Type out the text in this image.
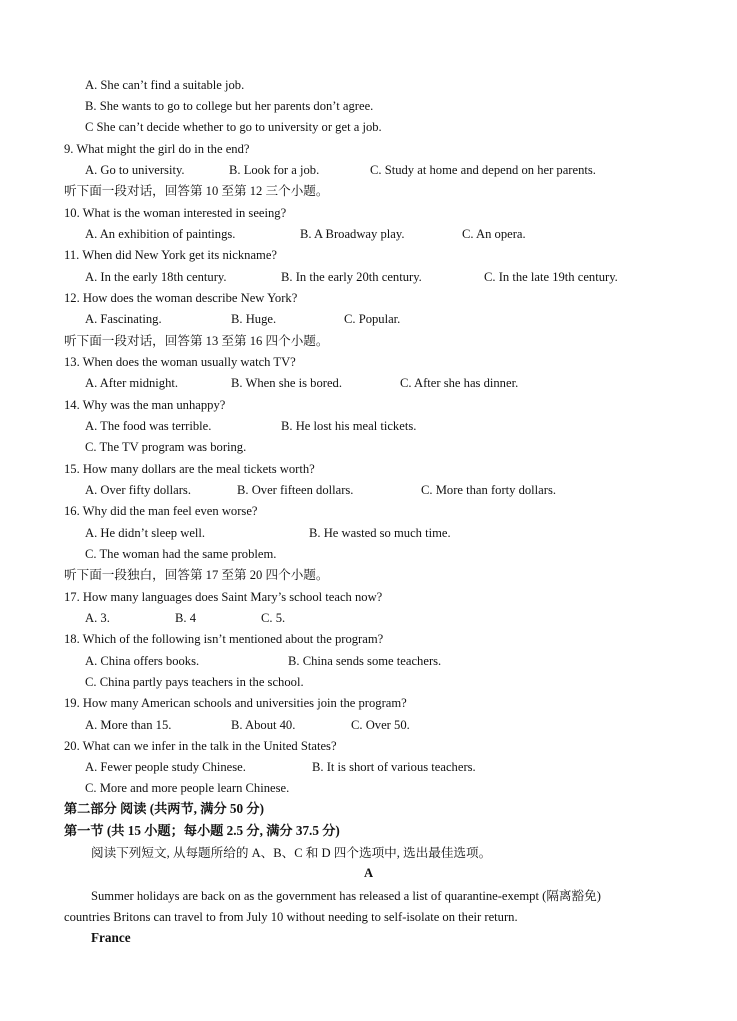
A. She can’t find a suitable job.
B. She wants to go to college but her parents don’t agree.
C She can’t decide whether to go to university or get a job.
9. What might the girl do in the end?
A. Go to university.	B. Look for a job.	C. Study at home and depend on her parents.
听下面一段对话，回答第 10 至第 12 三个小题。
10. What is the woman interested in seeing?
A. An exhibition of paintings.	B. A Broadway play.	C. An opera.
11. When did New York get its nickname?
A. In the early 18th century.	B. In the early 20th century.	C. In the late 19th century.
12. How does the woman describe New York?
A. Fascinating.	B. Huge.	C. Popular.
听下面一段对话，回答第 13 至第 16 四个小题。
13. When does the woman usually watch TV?
A. After midnight.	B. When she is bored.	C. After she has dinner.
14. Why was the man unhappy?
A. The food was terrible.	B. He lost his meal tickets.
C. The TV program was boring.
15. How many dollars are the meal tickets worth?
A. Over fifty dollars.	B. Over fifteen dollars.	C. More than forty dollars.
16. Why did the man feel even worse?
A. He didn’t sleep well.	B. He wasted so much time.
C. The woman had the same problem.
听下面一段独白，回答第 17 至第 20 四个小题。
17. How many languages does Saint Mary’s school teach now?
A. 3.	B. 4	C. 5.
18. Which of the following isn’t mentioned about the program?
A. China offers books.	B. China sends some teachers.
C. China partly pays teachers in the school.
19. How many American schools and universities join the program?
A. More than 15.	B. About 40.	C. Over 50.
20. What can we infer in the talk in the United States?
A. Fewer people study Chinese.	B. It is short of various teachers.
C. More and more people learn Chinese.
第二部分 阅读 (共两节, 满分 50 分)
第一节 (共 15 小题；每小题 2.5 分, 满分 37.5 分)
阅读下列短文, 从每题所给的 A、B、C 和 D 四个选项中, 选出最佳选项。
A
Summer holidays are back on as the government has released a list of quarantine-exempt (隔离豁免)
countries Britons can travel to from July 10 without needing to self-isolate on their return.
France
